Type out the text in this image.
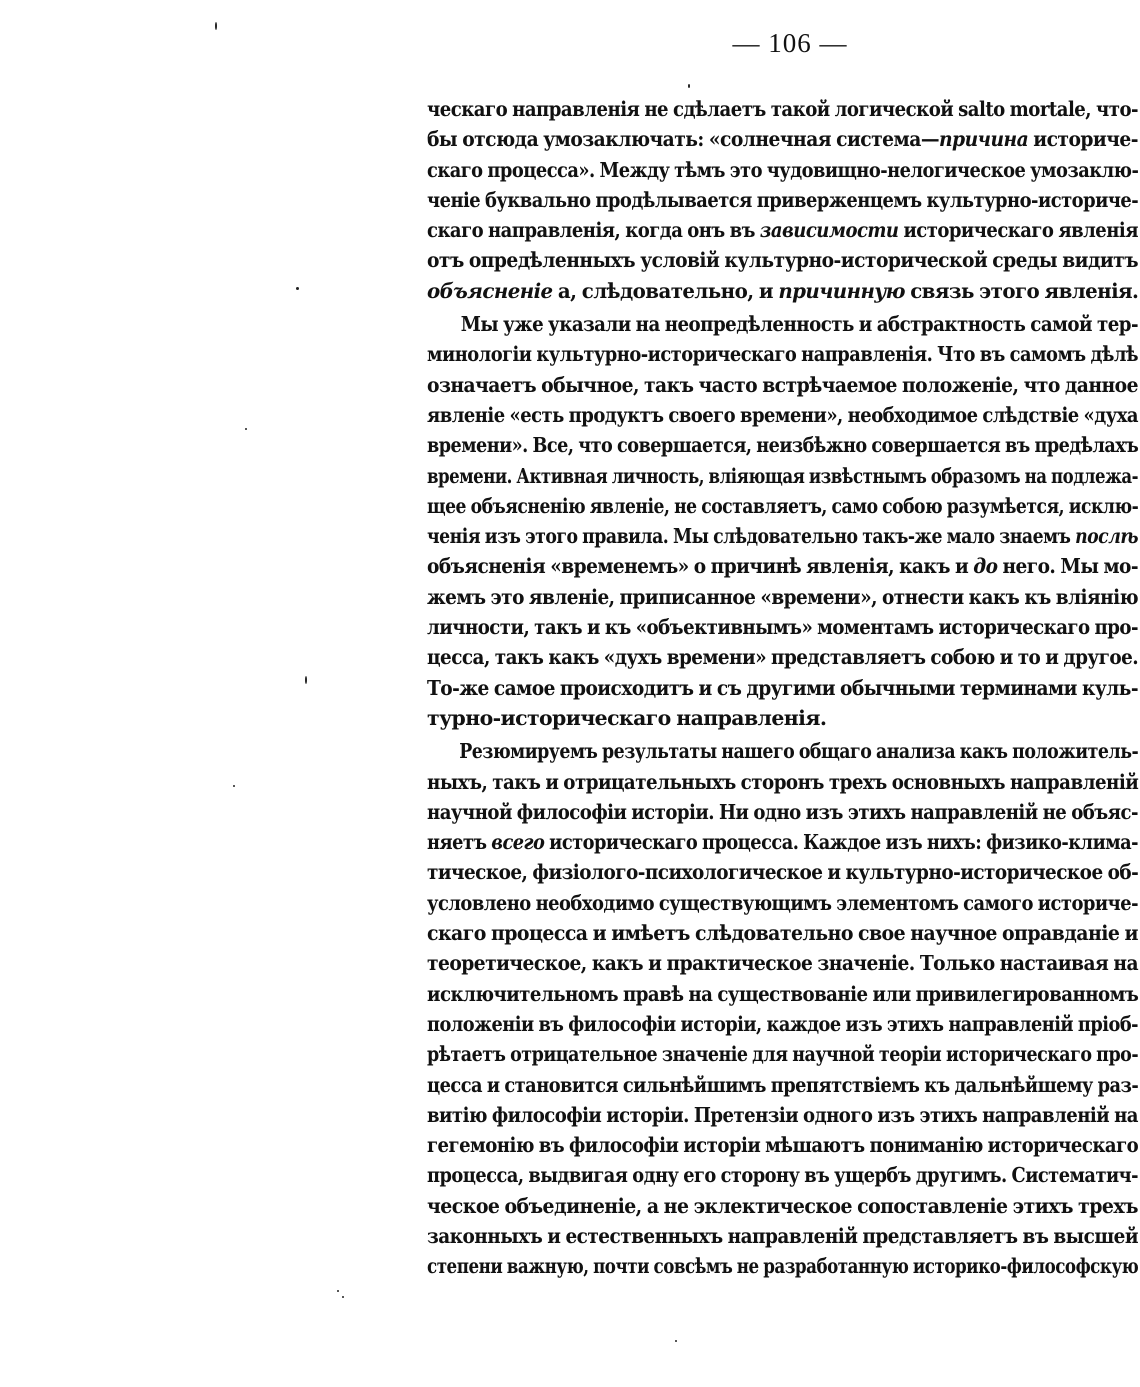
— 106 —
ческаго направленія не сдѣлаетъ такой логической salto mortale, что-
бы отсюда умозаключать: «солнечная система—причина историче-
скаго процесса». Между тѣмъ это чудовищно-нелогическое умозаклю-
ченіе буквально продѣлывается приверженцемъ культурно-историче-
скаго направленія, когда онъ въ зависимости историческаго явленія
отъ опредѣленныхъ условій культурно-исторической среды видитъ
объясненіе а, слѣдовательно, и причинную связь этого явленія.
Мы уже указали на неопредѣленность и абстрактность самой тер-
минологіи культурно-историческаго направленія. Что въ самомъ дѣлѣ
означаетъ обычное, такъ часто встрѣчаемое положеніе, что данное
явленіе «есть продуктъ своего времени», необходимое слѣдствіе «духа
времени». Все, что совершается, неизбѣжно совершается въ предѣлахъ
времени. Активная личность, вліяющая извѣстнымъ образомъ на подлежа-
щее объясненію явленіе, не составляетъ, само собою разумѣется, исклю-
ченія изъ этого правила. Мы слѣдовательно такъ-же мало знаемъ послѣ
объясненія «временемъ» о причинѣ явленія, какъ и до него. Мы мо-
жемъ это явленіе, приписанное «времени», отнести какъ къ вліянію
личности, такъ и къ «объективнымъ» моментамъ историческаго про-
цесса, такъ какъ «духъ времени» представляетъ собою и то и другое.
То-же самое происходитъ и съ другими обычными терминами куль-
турно-историческаго направленія.
Резюмируемъ результаты нашего общаго анализа какъ положитель-
ныхъ, такъ и отрицательныхъ сторонъ трехъ основныхъ направленій
научной философіи исторіи. Ни одно изъ этихъ направленій не объяс-
няетъ всего историческаго процесса. Каждое изъ нихъ: физико-клима-
тическое, физіолого-психологическое и культурно-историческое об-
условлено необходимо существующимъ элементомъ самого историче-
скаго процесса и имѣетъ слѣдовательно свое научное оправданіе и
теоретическое, какъ и практическое значеніе. Только настаивая на
исключительномъ правѣ на существованіе или привилегированномъ
положеніи въ философіи исторіи, каждое изъ этихъ направленій пріоб-
рѣтаетъ отрицательное значеніе для научной теоріи историческаго про-
цесса и становится сильнѣйшимъ препятствіемъ къ дальнѣйшему раз-
витію философіи исторіи. Претензіи одного изъ этихъ направленій на
гегемонію въ философіи исторіи мѣшаютъ пониманію историческаго
процесса, выдвигая одну его сторону въ ущербъ другимъ. Систематич-
ческое объединеніе, а не эклектическое сопоставленіе этихъ трехъ
законныхъ и естественныхъ направленій представляетъ въ высшей
степени важную, почти совсѣмъ не разработанную историко-философскую
